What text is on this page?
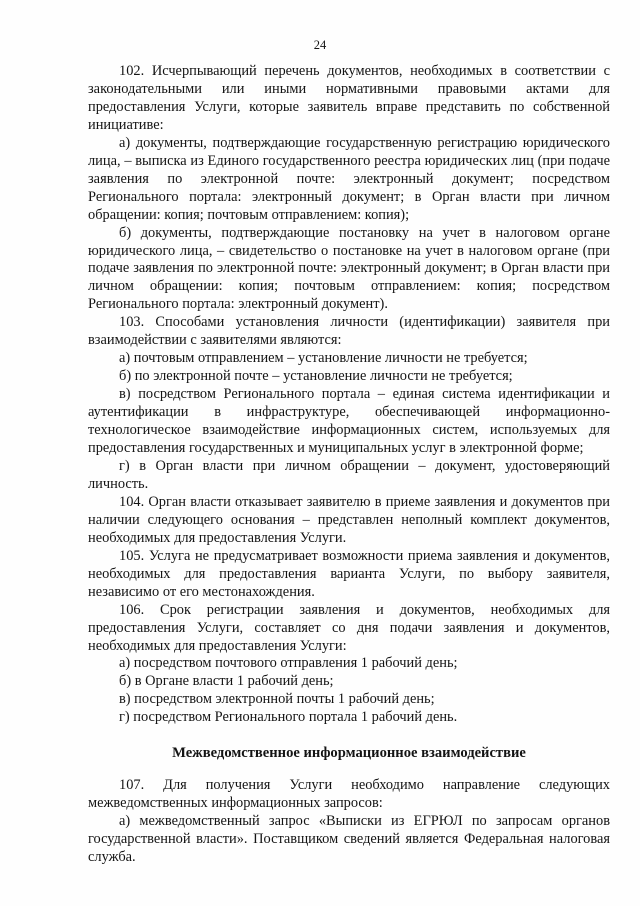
24

102. Исчерпывающий перечень документов, необходимых в соответствии с законодательными или иными нормативными правовыми актами для предоставления Услуги, которые заявитель вправе представить по собственной инициативе:

а) документы, подтверждающие государственную регистрацию юридического лица, – выписка из Единого государственного реестра юридических лиц (при подаче заявления по электронной почте: электронный документ; посредством Регионального портала: электронный документ; в Орган власти при личном обращении: копия; почтовым отправлением: копия);

б) документы, подтверждающие постановку на учет в налоговом органе юридического лица, – свидетельство о постановке на учет в налоговом органе (при подаче заявления по электронной почте: электронный документ; в Орган власти при личном обращении: копия; почтовым отправлением: копия; посредством Регионального портала: электронный документ).

103. Способами установления личности (идентификации) заявителя при взаимодействии с заявителями являются:

а) почтовым отправлением – установление личности не требуется;

б) по электронной почте – установление личности не требуется;

в) посредством Регионального портала – единая система идентификации и аутентификации в инфраструктуре, обеспечивающей информационно-технологическое взаимодействие информационных систем, используемых для предоставления государственных и муниципальных услуг в электронной форме;

г) в Орган власти при личном обращении – документ, удостоверяющий личность.

104. Орган власти отказывает заявителю в приеме заявления и документов при наличии следующего основания – представлен неполный комплект документов, необходимых для предоставления Услуги.

105. Услуга не предусматривает возможности приема заявления и документов, необходимых для предоставления варианта Услуги, по выбору заявителя, независимо от его местонахождения.

106. Срок регистрации заявления и документов, необходимых для предоставления Услуги, составляет со дня подачи заявления и документов, необходимых для предоставления Услуги:

а) посредством почтового отправления 1 рабочий день;

б) в Органе власти 1 рабочий день;

в) посредством электронной почты 1 рабочий день;

г) посредством Регионального портала 1 рабочий день.

Межведомственное информационное взаимодействие

107. Для получения Услуги необходимо направление следующих межведомственных информационных запросов:

а) межведомственный запрос «Выписки из ЕГРЮЛ по запросам органов государственной власти». Поставщиком сведений является Федеральная налоговая служба.
